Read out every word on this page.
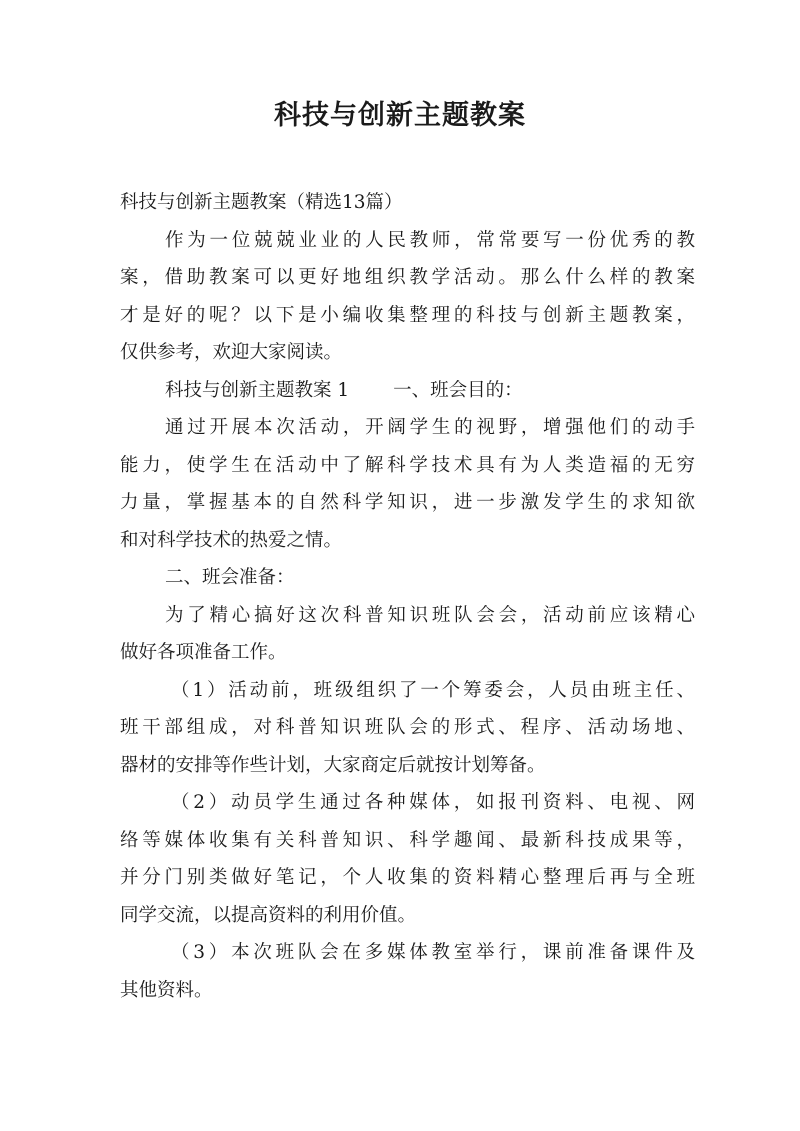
科技与创新主题教案
科技与创新主题教案（精选13篇）
作为一位兢兢业业的人民教师，常常要写一份优秀的教
案，借助教案可以更好地组织教学活动。那么什么样的教案
才是好的呢？以下是小编收集整理的科技与创新主题教案，
仅供参考，欢迎大家阅读。
科技与创新主题教案 1 一、班会目的：
通过开展本次活动，开阔学生的视野，增强他们的动手
能力，使学生在活动中了解科学技术具有为人类造福的无穷
力量，掌握基本的自然科学知识，进一步激发学生的求知欲
和对科学技术的热爱之情。
二、班会准备：
为了精心搞好这次科普知识班队会会，活动前应该精心
做好各项准备工作。
（1）活动前，班级组织了一个筹委会，人员由班主任、
班干部组成，对科普知识班队会的形式、程序、活动场地、
器材的安排等作些计划，大家商定后就按计划筹备。
（2）动员学生通过各种媒体，如报刊资料、电视、网
络等媒体收集有关科普知识、科学趣闻、最新科技成果等，
并分门别类做好笔记，个人收集的资料精心整理后再与全班
同学交流，以提高资料的利用价值。
（3）本次班队会在多媒体教室举行，课前准备课件及
其他资料。
